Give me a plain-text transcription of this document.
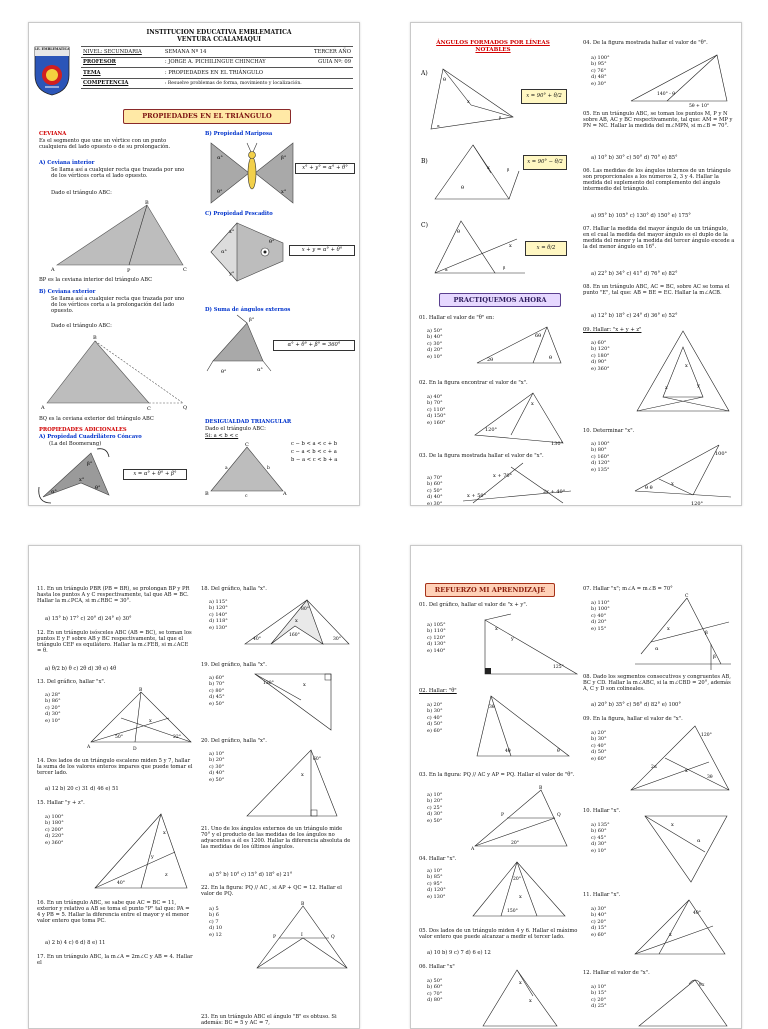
INSTITUCION EDUCATIVA EMBLEMATICA
VENTURA CCALAMAQUI
I.E. EMBLEMATICA	NIVEL: SECUNDARIA	SEMANA Nº 14	TERCER AÑO
PROFESOR	: JORGE A. PICHILINGUE CHINCHAY	GUIA Nº: 09
TEMA	: PROPIEDADES EN EL TRIÁNGULO	
COMPETENCIA	: Resuelve problemas de forma, movimiento y localización.	
PROPIEDADES EN EL TRIÁNGULO
CEVIANA
Es el segmento que une un vértice con un punto cualquiera del lado opuesto o de su prolongación.
A) Ceviana interior
Se llama así a cualquier recta que trazada por uno de los vértices corta el lado opuesto.
Dado el triángulo ABC:
B
A	P	C
BP es la ceviana interior del triángulo ABC
B) Ceviana exterior
Se llama así a cualquier recta que trazada por uno de los vértices corta a la prolongación del lado opuesto.
Dado el triángulo ABC:
B
A	C	Q
BQ es la ceviana exterior del triángulo ABC
PROPIEDADES ADICIONALES
A) Propiedad Cuadrilátero Cóncavo
(La del Boomerang)
β°
α°
θ°
x°
x = α° + θ° + β°
B) Propiedad Mariposa
α°	β°
θ°	x°
x° + y° = α° + θ°
C) Propiedad Pescadito
x°
α°
y°
θ°
x + y = α° + θ°
D) Suma de ángulos externos
β°
α°
θ°
α° + θ° + β° = 360°
DESIGUALDAD TRIANGULAR
Dado el triángulo ABC:
Si: a < b < c
c − b < a < c + b
c − a < b < c + a
b − a < c < b + a
C
B	A
a	b
c
ÁNGULOS FORMADOS POR LÍNEAS NOTABLES
A)
θ
x
α
β
x = 90° + θ/2
B)
θ
x	β
x = 90° − θ/2
C)
θ
x
α	β
x = θ/2
PRACTIQUEMOS AHORA
01. Hallar el valor de "θ" en:
a) 50°
b) 40°
c) 30°
d) 20°
e) 10°
6θ
2θ	θ
02. En la figura encontrar el valor de "x".
a) 40°
b) 70°
c) 110°
d) 150°
e) 160°
x
120°
130°
03. De la figura mostrada hallar el valor de "x".
a) 70°
b) 60°
c) 50°
d) 40°
e) 30°
x + 70°
x + 50°
2x + 40°
04. De la figura mostrada hallar el valor de "θ".
a) 100°
b) 95°
c) 76°
d) 48°
e) 30°
140° - θ
5θ + 10°
05. En un triángulo ABC, se toman los puntos M, P y N sobre AB, AC y BC respectivamente, tal que: AM = MP y PN = NC. Hallar la medida del m∠MPN, si m∠B = 70°.
a) 10° b) 30° c) 50° d) 70° e) 85°
06. Las medidas de los ángulos internos de un triángulo son proporcionales a los números 2, 3 y 4. Hallar la medida del suplemento del complemento del ángulo intermedio del triángulo.
a) 95° b) 105° c) 130° d) 150° e) 175°
07. Hallar la medida del mayor ángulo de un triángulo, en el cual la medida del mayor ángulo es el duplo de la medida del menor y la medida del tercer ángulo excede a la del menor ángulo en 16°.
a) 22° b) 34° c) 41° d) 76° e) 82°
08. En un triángulo ABC, AC = BC, sobre AC se toma el punto "E", tal que: AB = BE = EC. Hallar la m∠ACB.
a) 12° b) 18° c) 24° d) 36° e) 52°
09. Hallar: "x + y + z"
a) 60°
b) 120°
c) 180°
d) 90°
e) 360°	x
y
z
10. Determinar "x".
a) 100°
b) 80°
c) 160°
d) 120°
e) 135°
100°
x
120°
θ θ
11. En un triángulo PBR (PB = BR), se prolongan BP y PR hasta los puntos A y C respectivamente, tal que AB = BC. Hallar la m∠PCA, si m∠RBC = 30°.
a) 15° b) 17° c) 20° d) 24° e) 30°
12. En un triángulo isósceles ABC (AB = BC), se toman los puntos E y F sobre AB y BC respectivamente, tal que el triángulo CEF es equilátero. Hallar la m∠FEB, si m∠ACE = θ.
a) θ/2 b) θ c) 2θ d) 3θ e) 4θ
13. Del gráfico, hallar "x".
a) 28°
b) 86°
c) 20°
d) 30°
e) 10°
B
A	D
50°	22°
x
14. Dos lados de un triángulo escaleno miden 5 y 7, hallar la suma de los valores enteros impares que puede tomar el tercer lado.
a) 12 b) 20 c) 31 d) 46 e) 51
15. Hallar "y + z".
a) 100°
b) 180°
c) 200°
d) 220°
e) 360°
40°
x
y
z
16. En un triángulo ABC, se sabe que AC = BC = 11, exterior y relativo a AB se toma el punto "P" tal que: PA = 4 y PB = 5. Hallar la diferencia entre el mayor y el menor valor entero que toma PC.
a) 2 b) 4 c) 6 d) 8 e) 11
17. En un triángulo ABC, la m∠A = 2m∠C y AB = 4. Hallar el
18. Del gráfico, halla "x".
a) 115°
b) 120°
c) 140°
d) 118°
e) 130°
80°
40°	30°
160°
x
19. Del gráfico, halla "x".
a) 60°
b) 70°
c) 80°
d) 45°
e) 50°
130°	x
20. Del gráfico, halla "x".
a) 10°
b) 20°
c) 30°
d) 40°
e) 50°
60°
x
21. Uno de los ángulos externos de un triángulo mide 70° y el producto de las medidas de los ángulos no adyacentes a él es 1200. Hallar la diferencia absoluta de las medidas de los últimos ángulos.
a) 5° b) 10° c) 15° d) 18° e) 21°
22. En la figura: PQ // AC , si AP + QC = 12. Hallar el valor de PQ.
a) 5
b) 6
c) 7
d) 10
e) 12
B
P	Q
I
23. En un triángulo ABC el ángulo "B" es obtuso. Si además: BC = 5 y AC = 7,
REFUERZO MI APRENDIZAJE
01. Del gráfico, hallar el valor de "x + y".
a) 105°
b) 110°
c) 120°
d) 130°
e) 140°
x
y
125°
02. Hallar: "θ"
a) 20°
b) 30°
c) 40°
d) 50°
e) 60°
3θ
4θ	θ
03. En la figura: PQ // AC y AP = PQ. Hallar el valor de "θ".
a) 10°
b) 20°
c) 25°
d) 30°
e) 50°
B
P	Q
20°
A
04. Hallar "x".
a) 10°
b) 85°
c) 95°
d) 120°
e) 130°
20°
x
150°
05. Dos lados de un triángulo miden 4 y 6. Hallar el máximo valor entero que puede alcanzar a medir el tercer lado.
a) 10 b) 9 c) 7 d) 6 e) 12
06. Hallar "x"
a) 50°
b) 60°
c) 70°
d) 80°
x
x
07. Hallar "x"; m∠A = m∠B = 70°
a) 110°
b) 100°
c) 40°
d) 20°
e) 15°
C
α
β
β
x
08. Dado los segmentos consecutivos y congruentes AB, BC y CD. Hallar la m∠ABC, si la m∠CBD = 20°, además A, C y D son colineales.
a) 20° b) 35° c) 56° d) 82° e) 100°
09. En la figura, hallar el valor de "x".
a) 20°
b) 30°
c) 40°
d) 50°
e) 60°
120°
2α
3θ
x
10. Hallar "x".
a) 135°
b) 60°
c) 45°
d) 30°
e) 10°
x
α
11. Hallar "x".
a) 30°
b) 40°
c) 20°
d) 15°
e) 60°
40°
x
12. Hallar el valor de "x".
a) 10°
b) 15°
c) 20°
d) 25°
9x
